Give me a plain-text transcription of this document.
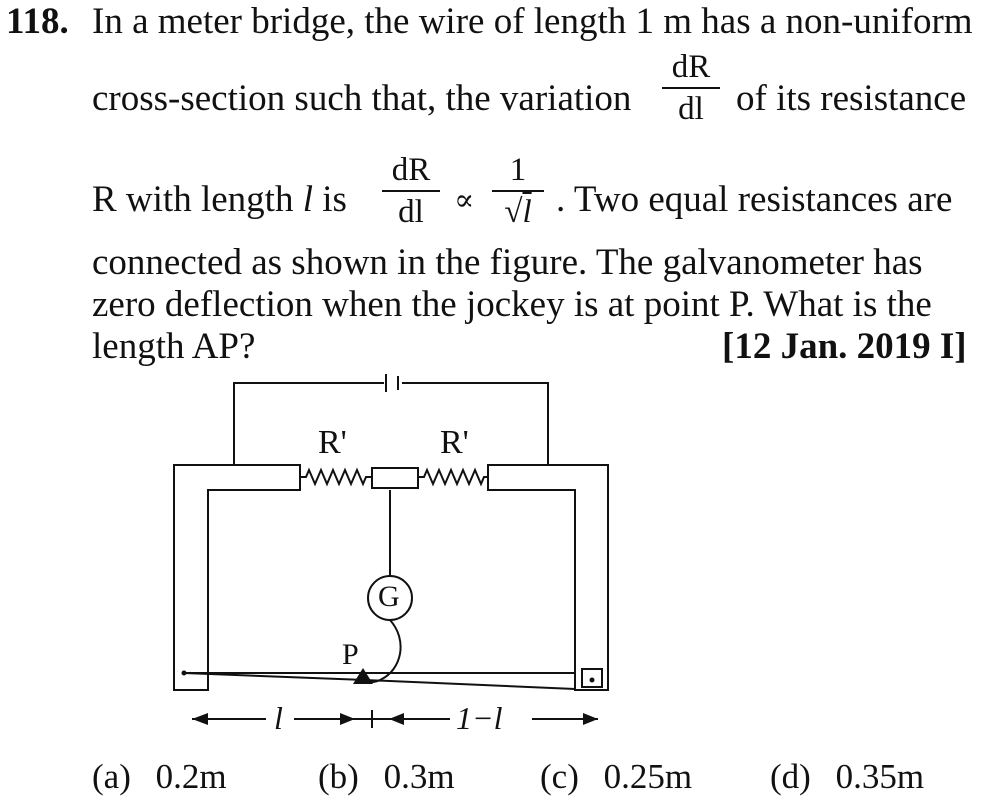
118. In a meter bridge, the wire of length 1 m has a non-uniform
cross-section such that, the variation
dR
dl of its resistance
R with length l is
dR
dl	∝
1
√l . Two equal resistances are
connected as shown in the figure. The galvanometer has
zero deflection when the jockey is at point P. What is the
length AP?	[12 Jan. 2019 I]
R'	R'
G
P
l	1−l
(a) 0.2m	(b) 0.3m (c) 0.25m (d) 0.35m
